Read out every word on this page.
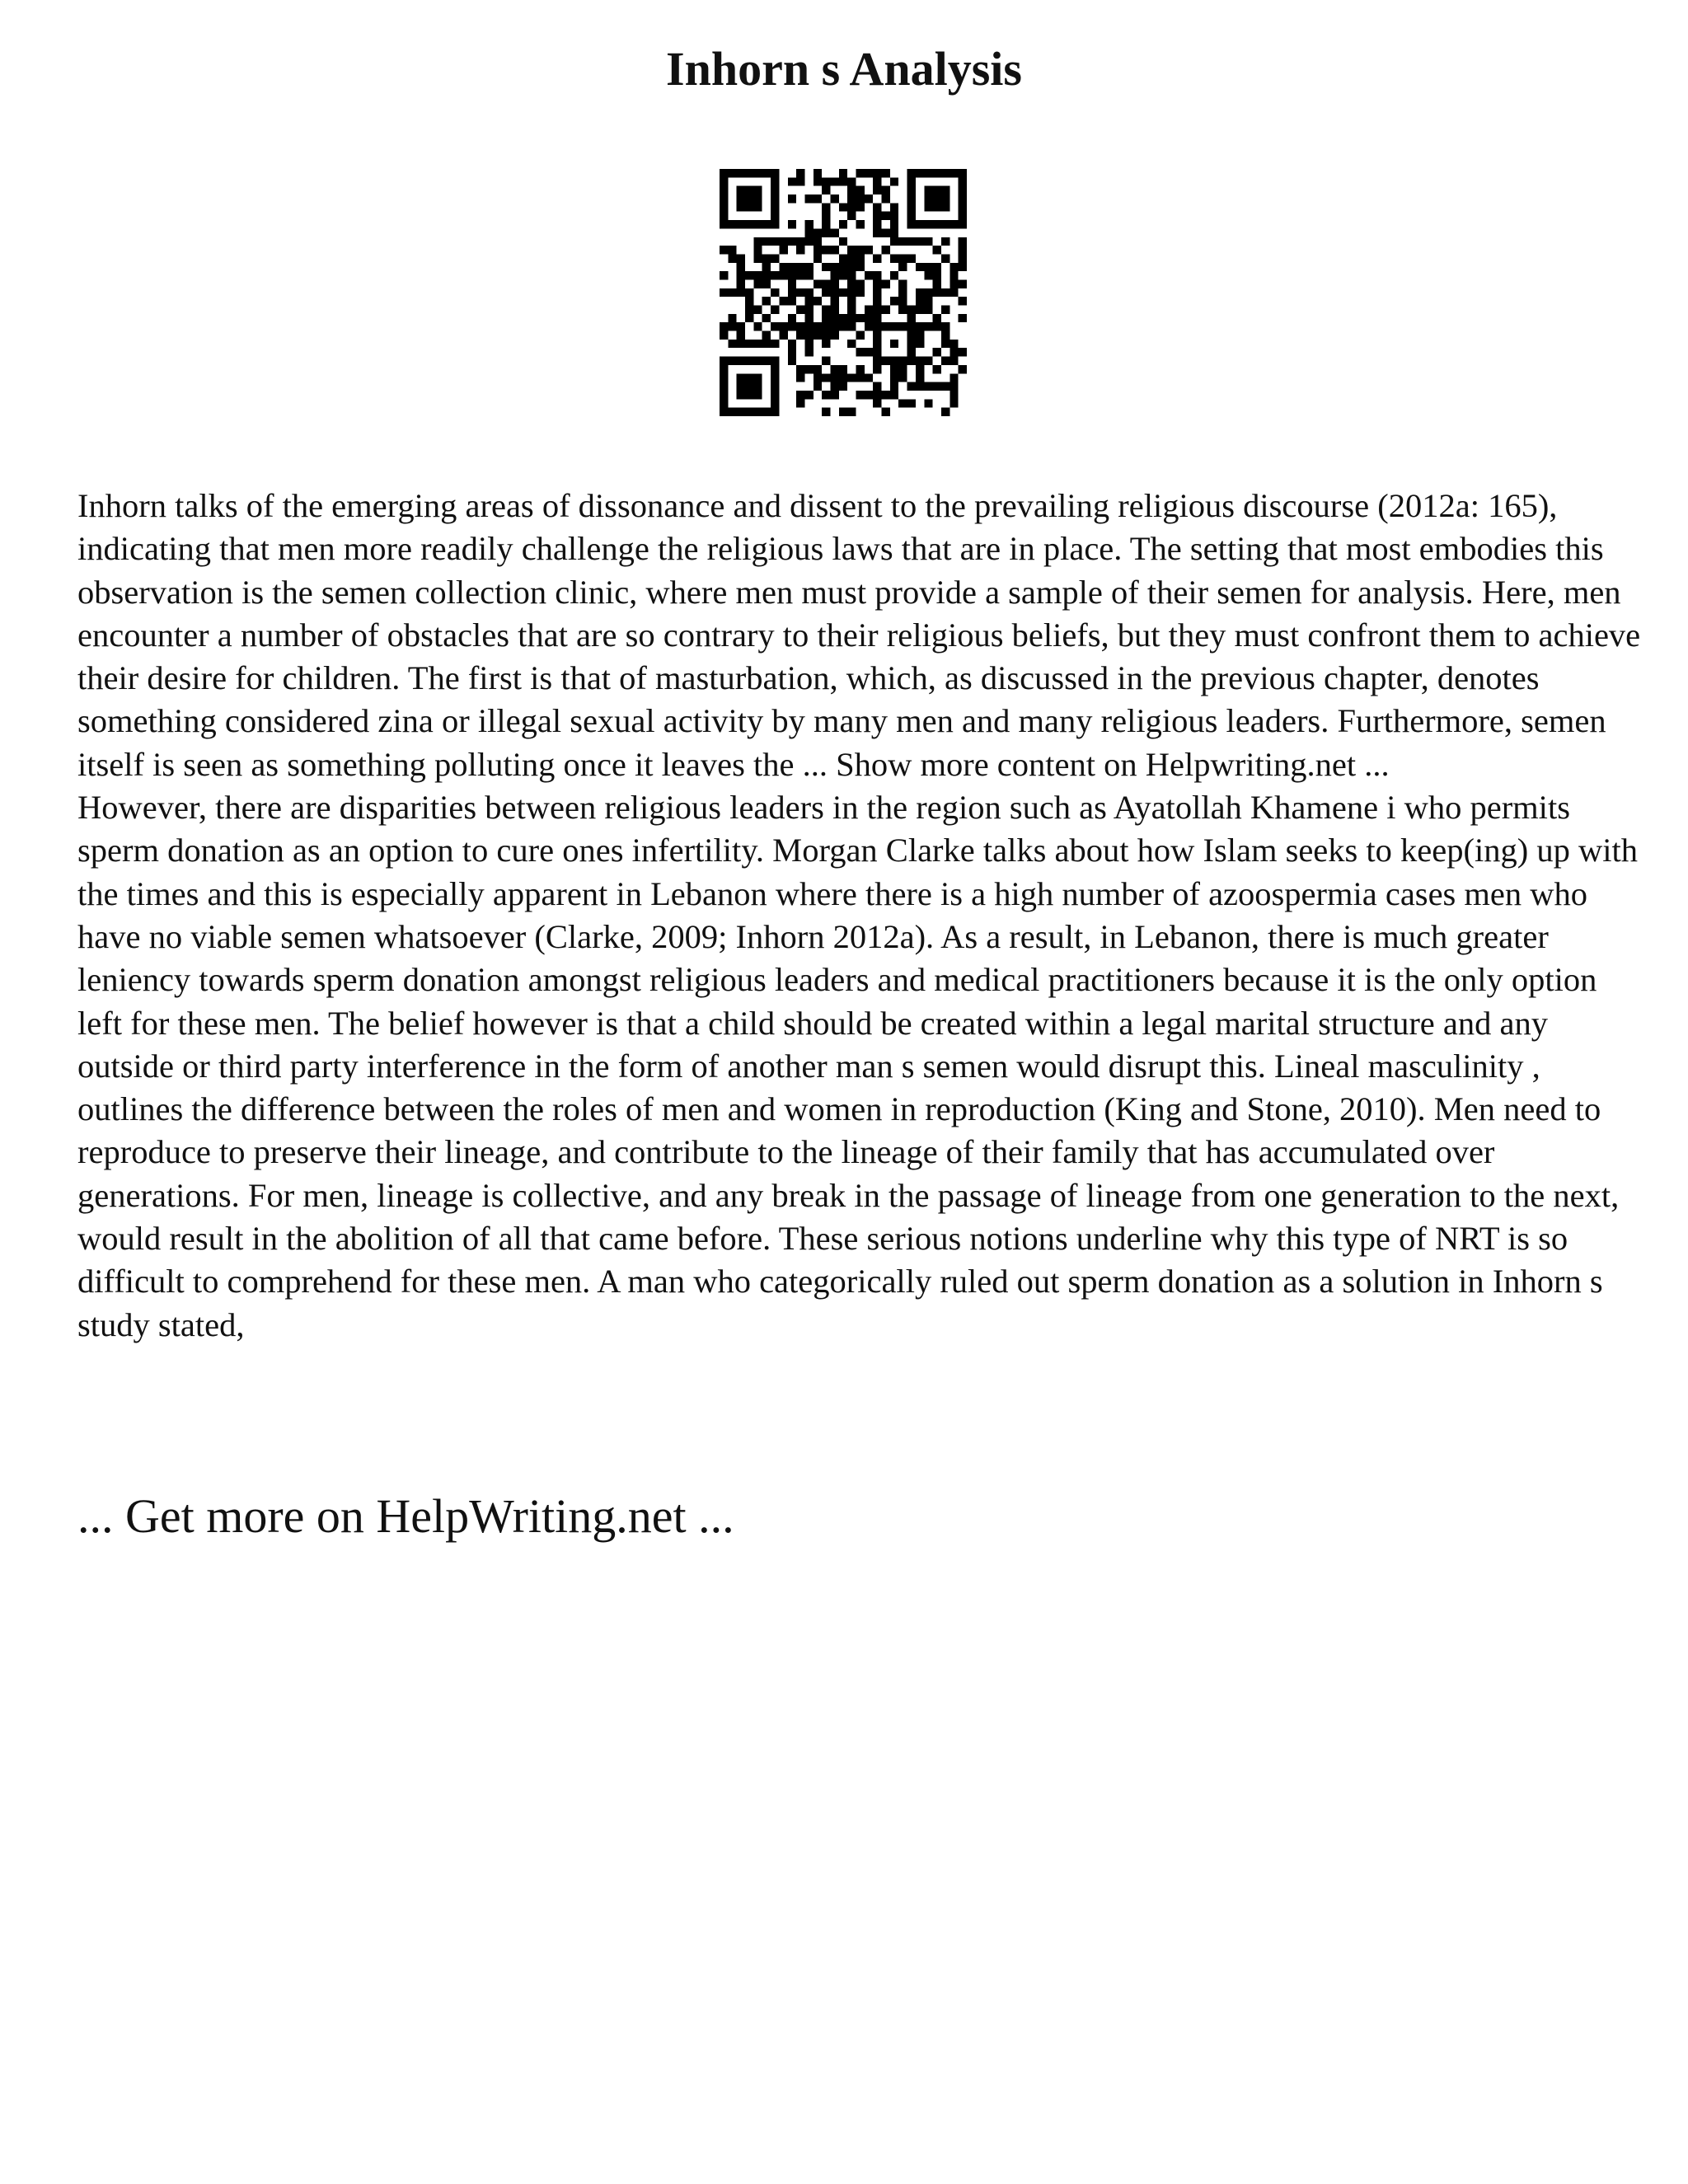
Inhorn s Analysis

Inhorn talks of the emerging areas of dissonance and dissent to the prevailing religious discourse (2012a: 165), indicating that men more readily challenge the religious laws that are in place. The setting that most embodies this observation is the semen collection clinic, where men must provide a sample of their semen for analysis. Here, men encounter a number of obstacles that are so contrary to their religious beliefs, but they must confront them to achieve their desire for children. The first is that of masturbation, which, as discussed in the previous chapter, denotes something considered zina or illegal sexual activity by many men and many religious leaders. Furthermore, semen itself is seen as something polluting once it leaves the ... Show more content on Helpwriting.net ...

However, there are disparities between religious leaders in the region such as Ayatollah Khamene i who permits sperm donation as an option to cure ones infertility. Morgan Clarke talks about how Islam seeks to keep(ing) up with the times and this is especially apparent in Lebanon where there is a high number of azoospermia cases men who have no viable semen whatsoever (Clarke, 2009; Inhorn 2012a). As a result, in Lebanon, there is much greater leniency towards sperm donation amongst religious leaders and medical practitioners because it is the only option left for these men. The belief however is that a child should be created within a legal marital structure and any outside or third party interference in the form of another man s semen would disrupt this. Lineal masculinity , outlines the difference between the roles of men and women in reproduction (King and Stone, 2010). Men need to reproduce to preserve their lineage, and contribute to the lineage of their family that has accumulated over generations. For men, lineage is collective, and any break in the passage of lineage from one generation to the next, would result in the abolition of all that came before. These serious notions underline why this type of NRT is so difficult to comprehend for these men. A man who categorically ruled out sperm donation as a solution in Inhorn s study stated,

... Get more on HelpWriting.net ...
